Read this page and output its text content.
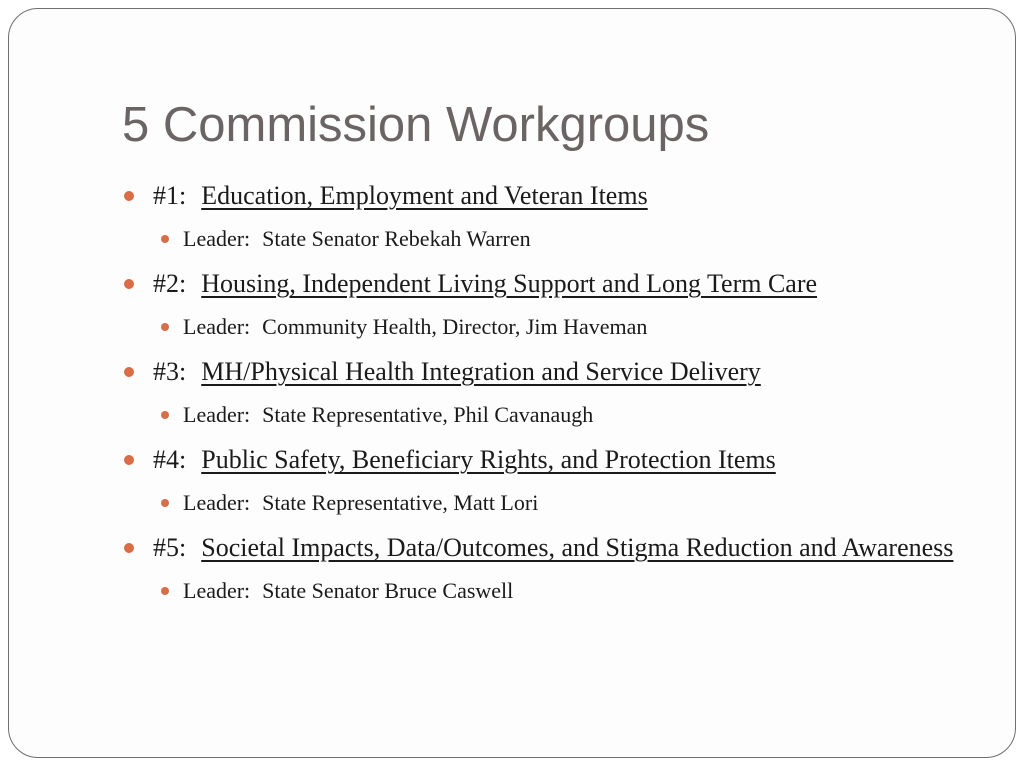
5 Commission Workgroups
#1: Education, Employment and Veteran Items
Leader: State Senator Rebekah Warren
#2: Housing, Independent Living Support and Long Term Care
Leader: Community Health, Director, Jim Haveman
#3: MH/Physical Health Integration and Service Delivery
Leader: State Representative, Phil Cavanaugh
#4: Public Safety, Beneficiary Rights, and Protection Items
Leader: State Representative, Matt Lori
#5: Societal Impacts, Data/Outcomes, and Stigma Reduction and Awareness
Leader: State Senator Bruce Caswell
